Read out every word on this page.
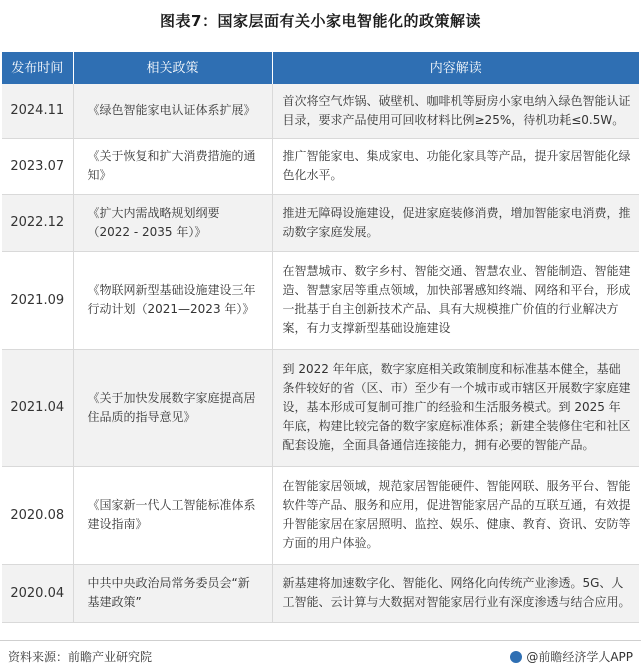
图表7：国家层面有关小家电智能化的政策解读
发布时间	相关政策	内容解读
2024.11	《绿色智能家电认证体系扩展》	首次将空气炸锅、破壁机、咖啡机等厨房小家电纳入绿色智能认证目录，要求产品使用可回收材料比例≥25%，待机功耗≤0.5W。
2023.07	《关于恢复和扩大消费措施的通知》	推广智能家电、集成家电、功能化家具等产品，提升家居智能化绿色化水平。
2022.12	《扩大内需战略规划纲要（2022 - 2035 年）》	推进无障碍设施建设，促进家庭装修消费，增加智能家电消费，推动数字家庭发展。
2021.09	《物联网新型基础设施建设三年行动计划（2021—2023 年）》	在智慧城市、数字乡村、智能交通、智慧农业、智能制造、智能建造、智慧家居等重点领域，加快部署感知终端、网络和平台，形成一批基于自主创新技术产品、具有大规模推广价值的行业解决方案，有力支撑新型基础设施建设
2021.04	《关于加快发展数字家庭提高居住品质的指导意见》	到 2022 年年底，数字家庭相关政策制度和标准基本健全，基础条件较好的省（区、市）至少有一个城市或市辖区开展数字家庭建设，基本形成可复制可推广的经验和生活服务模式。到 2025 年年底，构建比较完备的数字家庭标准体系；新建全装修住宅和社区配套设施，全面具备通信连接能力，拥有必要的智能产品。
2020.08	《国家新一代人工智能标准体系建设指南》	在智能家居领域，规范家居智能硬件、智能网联、服务平台、智能软件等产品、服务和应用，促进智能家居产品的互联互通，有效提升智能家居在家居照明、监控、娱乐、健康、教育、资讯、安防等方面的用户体验。
2020.04	中共中央政治局常务委员会“新基建政策”	新基建将加速数字化、智能化、网络化向传统产业渗透。5G、人工智能、云计算与大数据对智能家居行业有深度渗透与结合应用。
资料来源：前瞻产业研究院	@前瞻经济学人APP
